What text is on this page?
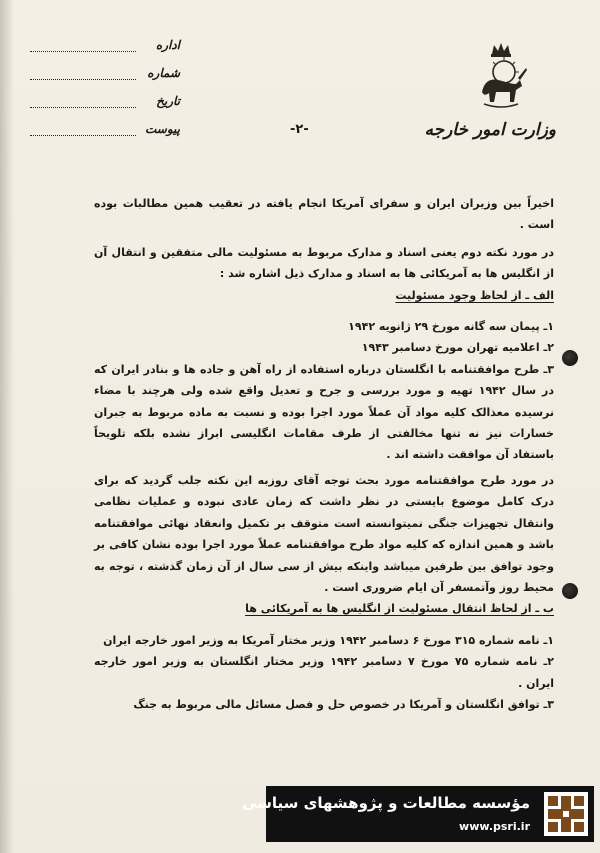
اداره
شماره
تاریخ
پیوست	وزارت امور خارجه
-۲-

اخیراً بین وزیران ایران و سفرای آمریکا انجام یافته در تعقیب همین مطالبات بوده است .

در مورد نکته دوم یعنی اسناد و مدارک مربوط به مسئولیت مالی متفقین و انتقال آن از انگلیس ها به آمریکائی ها به اسناد و مدارک ذیل اشاره شد :

الف ـ از لحاظ وجود مسئولیت

۱ـ پیمان سه گانه مورخ ۲۹ ژانویه ۱۹۴۲

۲ـ اعلامیه تهران مورخ دسامبر ۱۹۴۳

۳ـ طرح موافقتنامه با انگلستان درباره استفاده از راه آهن و جاده ها و بنادر ایران که در سال ۱۹۴۲ تهیه و مورد بررسی و جرح و تعدیل واقع شده ولی هرچند با مضاء نرسیده معذالک کلیه مواد آن عملاً مورد اجرا بوده و نسبت به ماده مربوط به جبران خسارات نیز نه تنها مخالفتی از طرف مقامات انگلیسی ابراز نشده بلکه تلویحاً باستفاد آن موافقت داشته اند .

در مورد طرح موافقتنامه مورد بحث توجه آقای روزبه این نکته جلب گردید که برای درک کامل موضوع بایستی در نظر داشت که زمان عادی نبوده و عملیات نظامی وانتقال تجهیزات جنگی نمیتوانسته است متوقف بر تکمیل وانعقاد نهائی موافقتنامه باشد و همین اندازه که کلیه مواد طرح موافقتنامه عملاً مورد اجرا بوده نشان کافی بر وجود توافق بین طرفین میباشد واینکه بیش از سی سال از آن زمان گذشته ، توجه به محیط روز وآتمسفر آن ایام ضروری است .

ب ـ از لحاظ انتقال مسئولیت از انگلیس ها به آمریکائی ها

۱ـ نامه شماره ۳۱۵ مورخ ۶ دسامبر ۱۹۴۲ وزیر مختار آمریکا به وزیر امور خارجه ایران

۲ـ نامه شماره ۷۵ مورخ ۷ دسامبر ۱۹۴۲ وزیر مختار انگلستان به وزیر امور خارجه ایران .

۳ـ توافق انگلستان و آمریکا در خصوص حل و فصل مسائل مالی مربوط به جنگ

مؤسسه مطالعات و پژوهشهای سیاسی
www.psri.ir
